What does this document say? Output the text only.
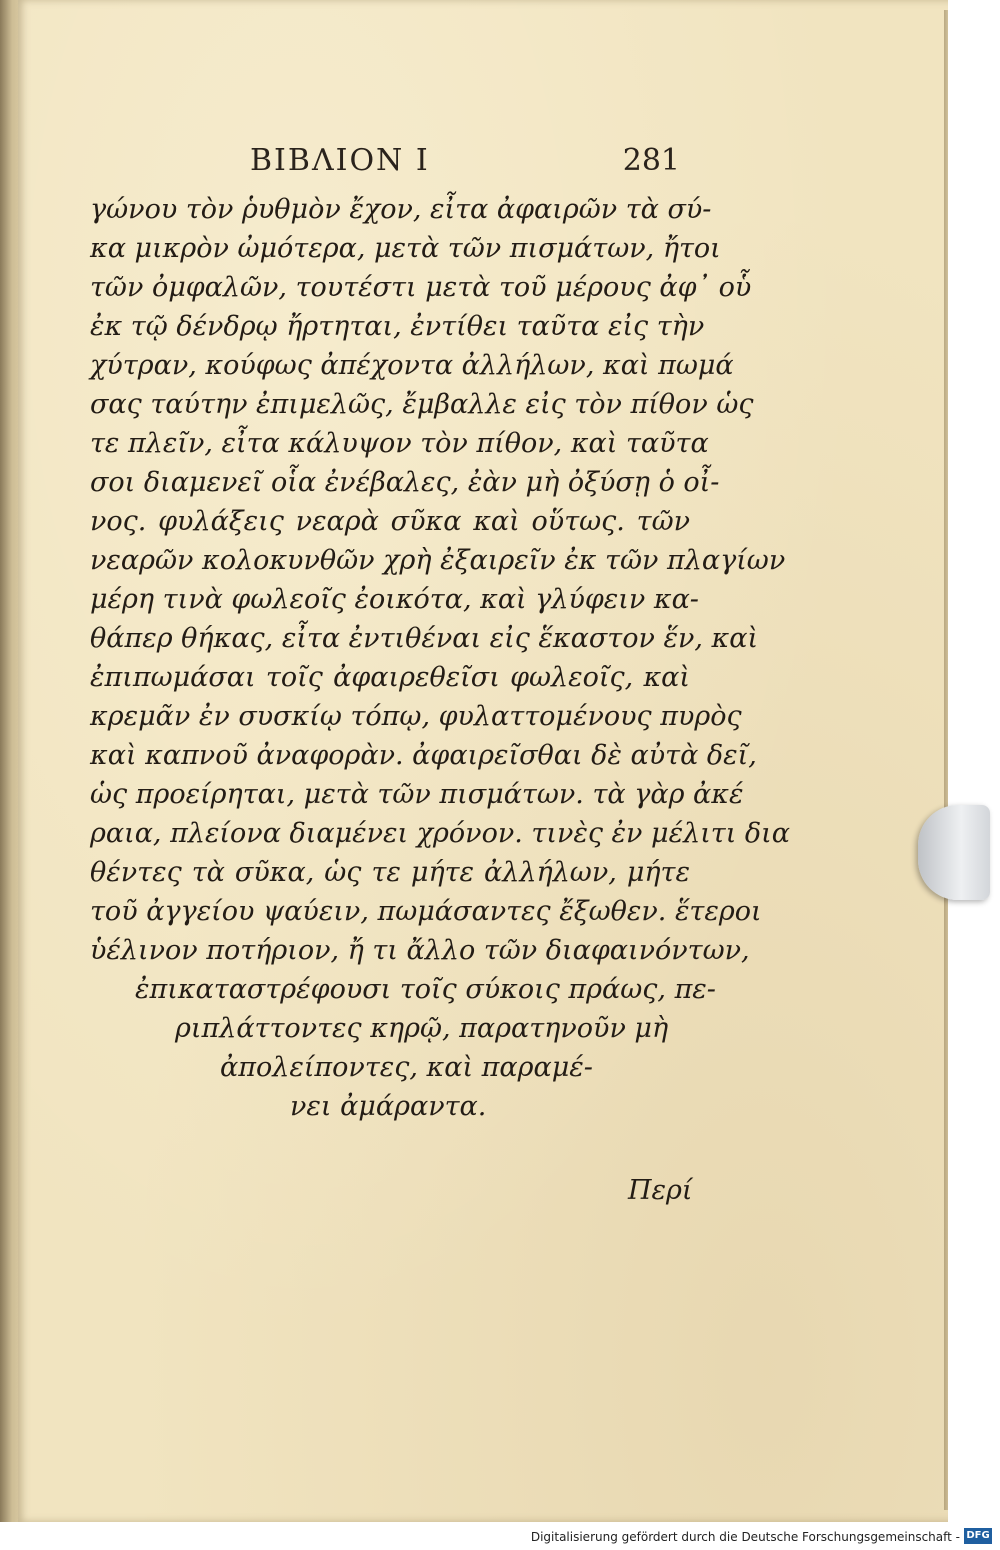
ΒΙΒΛΙΟΝ Ι	281
γώνου τὸν ῥυθμὸν ἔχον, εἶτα ἀφαιρῶν τὰ σύ-
κα μικρὸν ὠμότερα, μετὰ τῶν πισμάτων, ἤτοι
τῶν ὀμφαλῶν, τουτέστι μετὰ τοῦ μέρους ἀφ᾽ οὗ
ἐκ τῷ δένδρῳ ἤρτηται, ἐντίθει ταῦτα εἰς τὴν
χύτραν, κούφως ἀπέχοντα ἀλλήλων, καὶ πωμά
σας ταύτην ἐπιμελῶς, ἔμβαλλε εἰς τὸν πίθον ὡς
τε πλεῖν, εἶτα κάλυψον τὸν πίθον, καὶ ταῦτα
σοι διαμενεῖ οἷα ἐνέβαλες, ἐὰν μὴ ὀξύσῃ ὁ οἶ-
νος. φυλάξεις νεαρὰ σῦκα καὶ οὕτως. τῶν
νεαρῶν κολοκυνθῶν χρὴ ἐξαιρεῖν ἐκ τῶν πλαγίων
μέρη τινὰ φωλεοῖς ἐοικότα, καὶ γλύφειν κα-
θάπερ θήκας, εἶτα ἐντιθέναι εἰς ἕκαστον ἕν, καὶ
ἐπιπωμάσαι τοῖς ἀφαιρεθεῖσι φωλεοῖς, καὶ
κρεμᾶν ἐν συσκίῳ τόπῳ, φυλαττομένους πυρὸς
καὶ καπνοῦ ἀναφορὰν. ἀφαιρεῖσθαι δὲ αὐτὰ δεῖ,
ὡς προείρηται, μετὰ τῶν πισμάτων. τὰ γὰρ ἀκέ
ραια, πλείονα διαμένει χρόνον. τινὲς ἐν μέλιτι δια
θέντες τὰ σῦκα, ὡς τε μήτε ἀλλήλων, μήτε
τοῦ ἀγγείου ψαύειν, πωμάσαντες ἔξωθεν. ἕτεροι
ὑέλινον ποτήριον, ἤ τι ἄλλο τῶν διαφαινόντων,
ἐπικαταστρέφουσι τοῖς σύκοις πράως, πε-
ριπλάττοντες κηρῷ, παρατηνοῦν μὴ
ἀπολείποντες, καὶ παραμέ-
νει ἀμάραντα.
Περί
Digitalisierung gefördert durch die Deutsche Forschungsgemeinschaft - DFG
